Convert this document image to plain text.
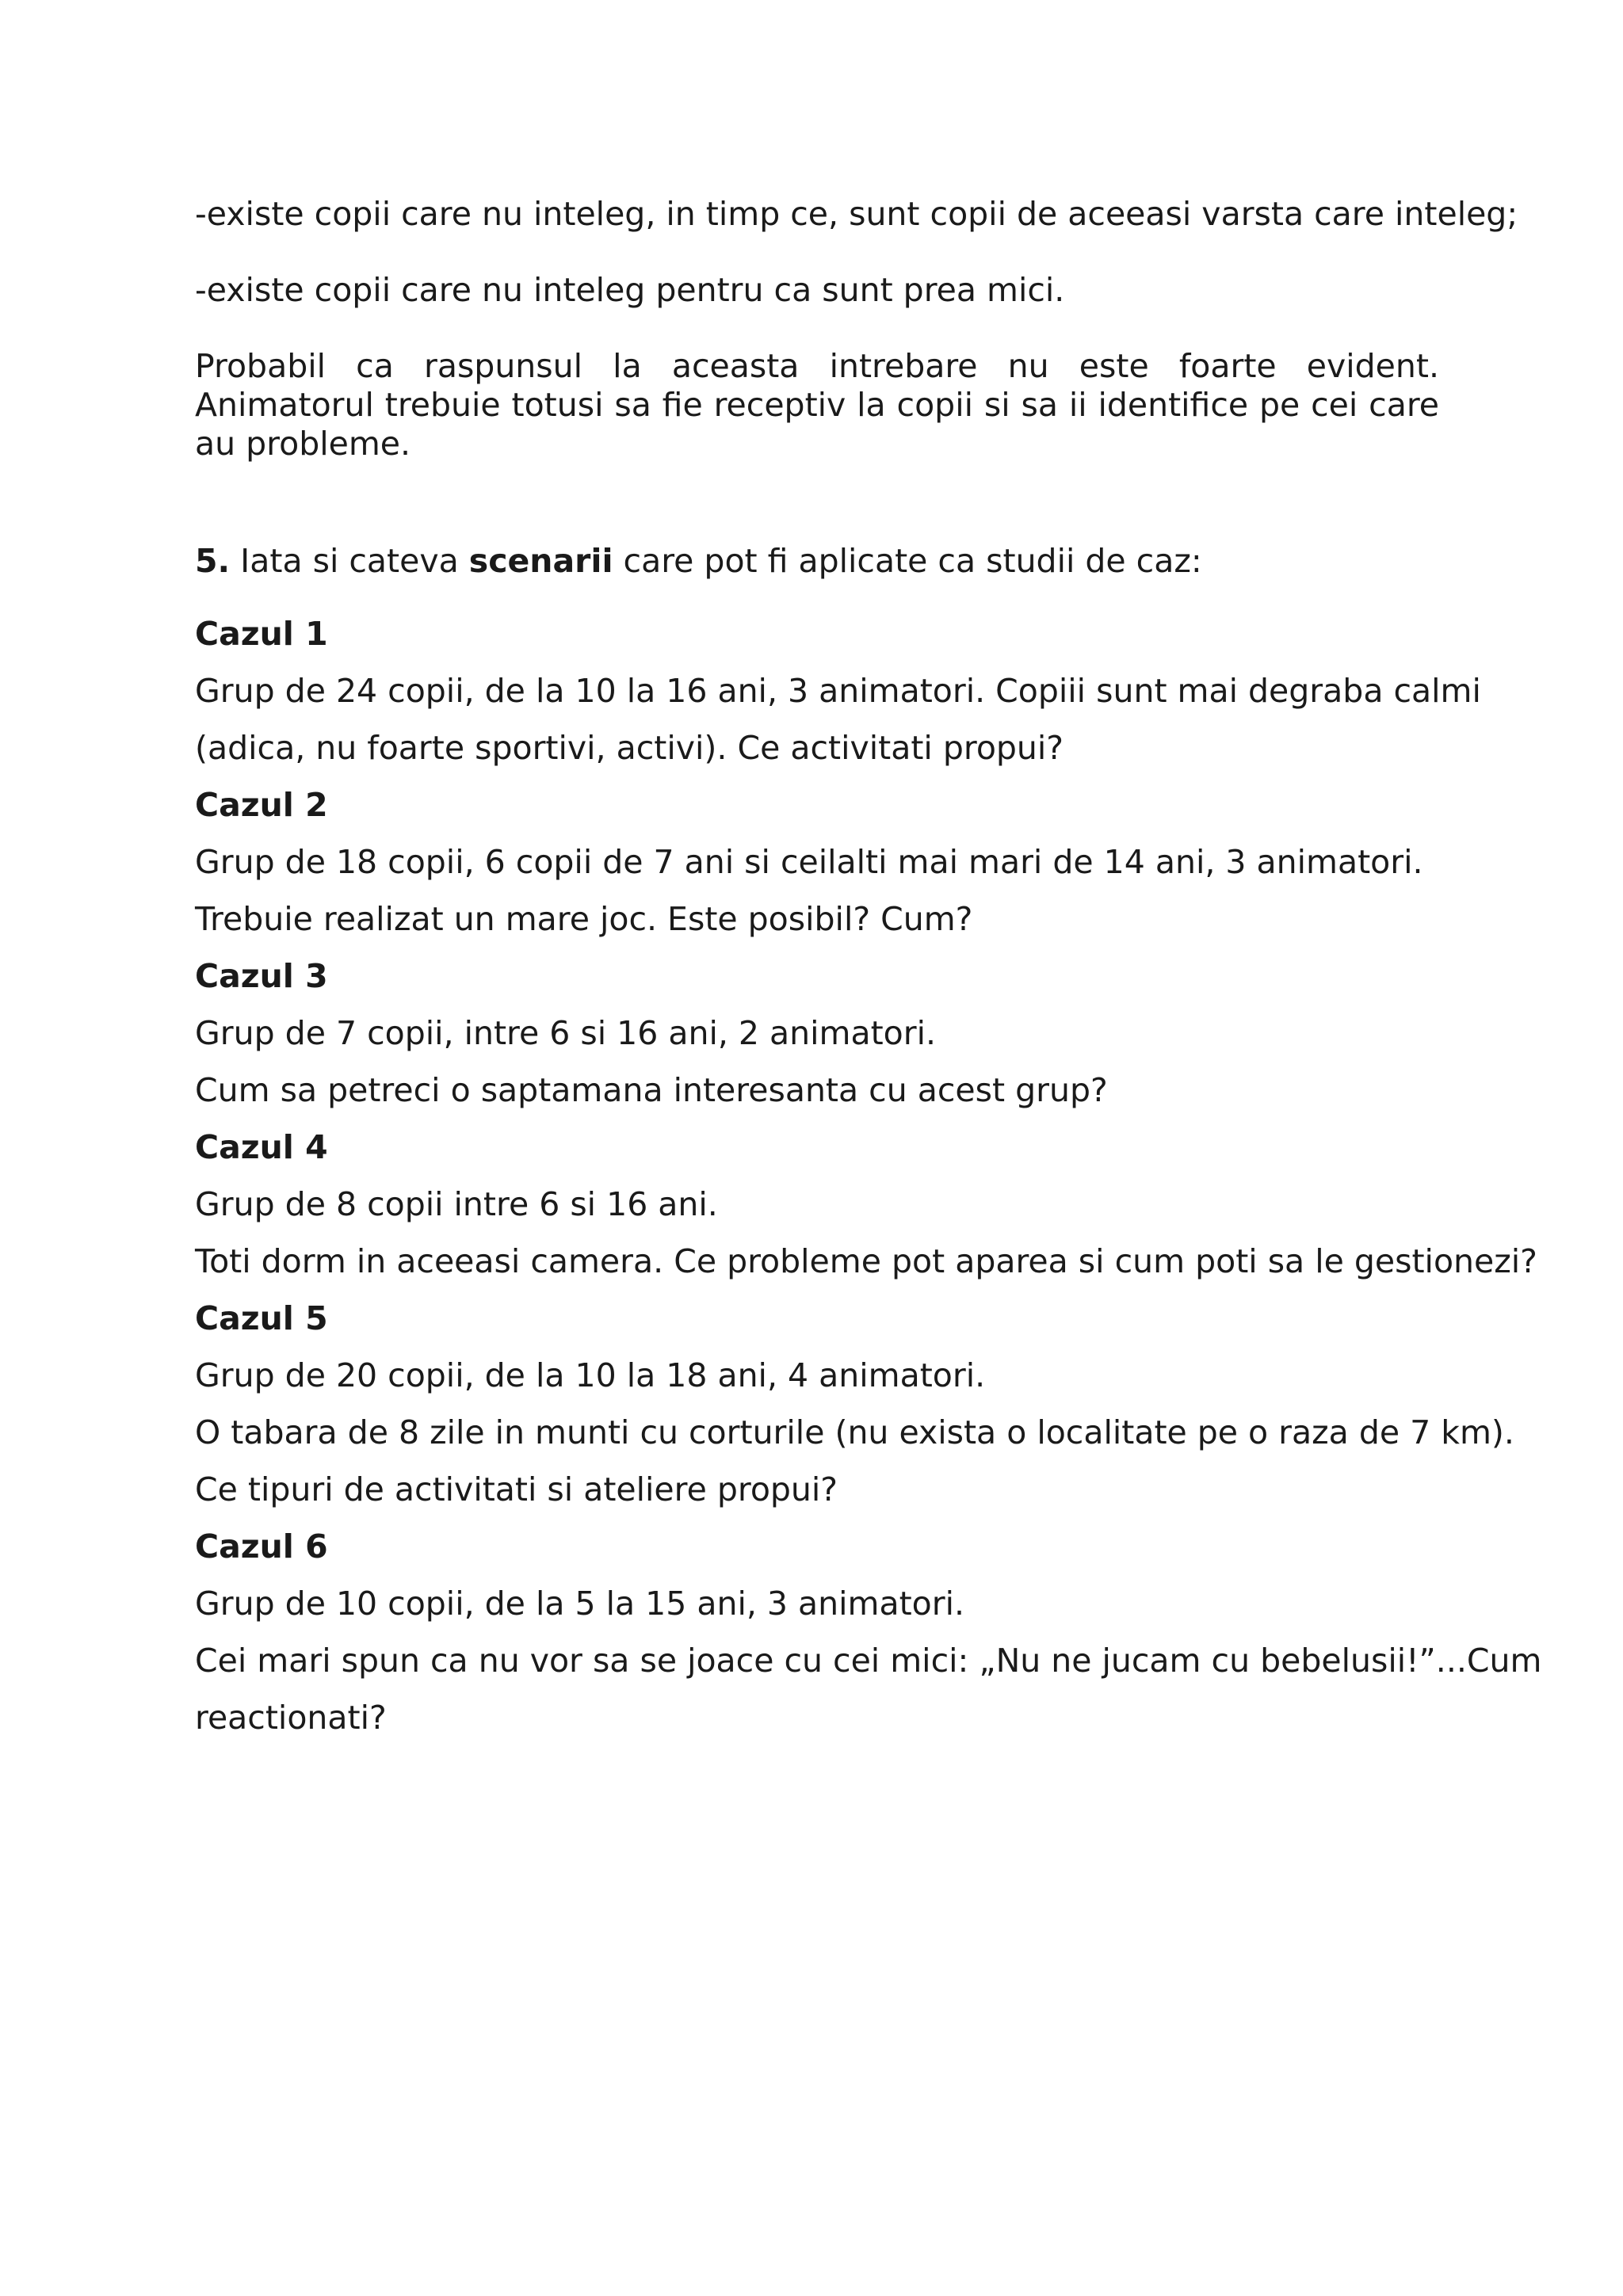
-existe copii care nu inteleg, in timp ce, sunt copii de aceeasi varsta care inteleg;

-existe copii care nu inteleg pentru ca sunt prea mici.

Probabil ca raspunsul la aceasta intrebare nu este foarte evident. Animatorul trebuie totusi sa fie receptiv la copii si sa ii identifice pe cei care au probleme.

5. Iata si cateva scenarii care pot fi aplicate ca studii de caz:

Cazul 1

Grup de 24 copii, de la 10 la 16 ani, 3 animatori. Copiii sunt mai degraba calmi

(adica, nu foarte sportivi, activi). Ce activitati propui?

Cazul 2

Grup de 18 copii, 6 copii de 7 ani si ceilalti mai mari de 14 ani, 3 animatori.

Trebuie realizat un mare joc. Este posibil? Cum?

Cazul 3

Grup de 7 copii, intre 6 si 16 ani, 2 animatori.

Cum sa petreci o saptamana interesanta cu acest grup?

Cazul 4

Grup de 8 copii intre 6 si 16 ani.

Toti dorm in aceeasi camera. Ce probleme pot aparea si cum poti sa le gestionezi?

Cazul 5

Grup de 20 copii, de la 10 la 18 ani, 4 animatori.

O tabara de 8 zile in munti cu corturile (nu exista o localitate pe o raza de 7 km).

Ce tipuri de activitati si ateliere propui?

Cazul 6

Grup de 10 copii, de la 5 la 15 ani, 3 animatori.

Cei mari spun ca nu vor sa se joace cu cei mici: „Nu ne jucam cu bebelusii!”...Cum

reactionati?
